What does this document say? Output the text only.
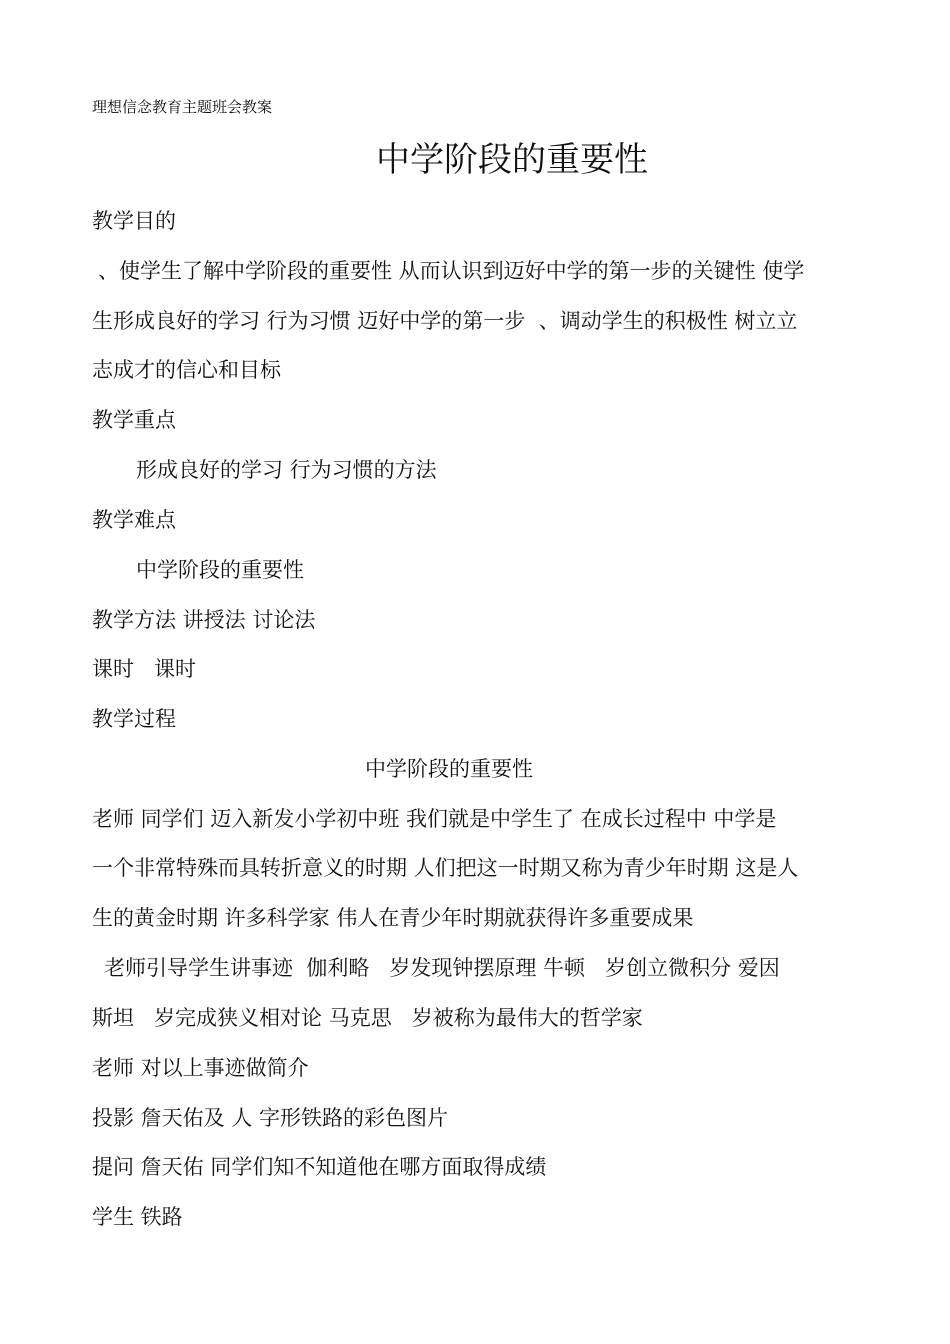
理想信念教育主题班会教案
中学阶段的重要性
教学目的
、使学生了解中学阶段的重要性 从而认识到迈好中学的第一步的关键性 使学
生形成良好的学习 行为习惯 迈好中学的第一步  、调动学生的积极性 树立立
志成才的信心和目标
教学重点
形成良好的学习 行为习惯的方法
教学难点
中学阶段的重要性
教学方法 讲授法 讨论法
课时   课时
教学过程
中学阶段的重要性
老师 同学们 迈入新发小学初中班 我们就是中学生了 在成长过程中 中学是
一个非常特殊而具转折意义的时期 人们把这一时期又称为青少年时期 这是人
生的黄金时期 许多科学家 伟人在青少年时期就获得许多重要成果
老师引导学生讲事迹  伽利略   岁发现钟摆原理 牛顿   岁创立微积分 爱因
斯坦   岁完成狭义相对论 马克思   岁被称为最伟大的哲学家
老师 对以上事迹做简介
投影 詹天佑及 人 字形铁路的彩色图片
提问 詹天佑 同学们知不知道他在哪方面取得成绩
学生 铁路
